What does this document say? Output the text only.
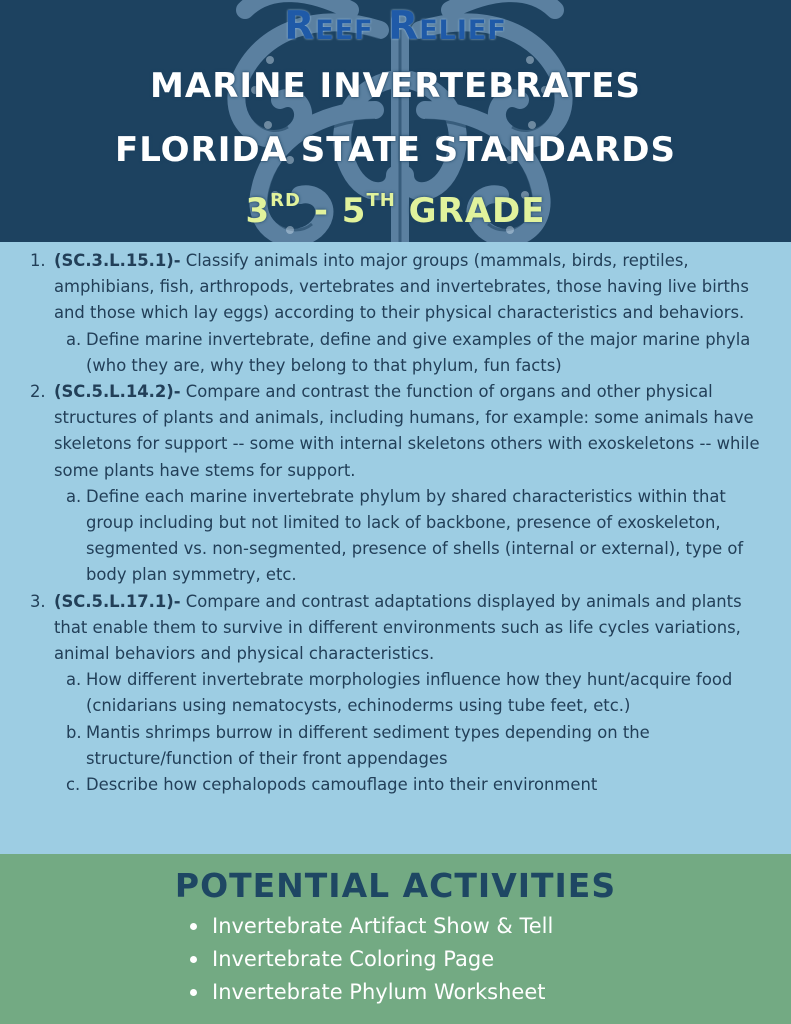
Reef Relief
MARINE INVERTEBRATES
FLORIDA STATE STANDARDS
3RD - 5TH GRADE
1. (SC.3.L.15.1)- Classify animals into major groups (mammals, birds, reptiles, amphibians, fish, arthropods, vertebrates and invertebrates, those having live births and those which lay eggs) according to their physical characteristics and behaviors.
a. Define marine invertebrate, define and give examples of the major marine phyla (who they are, why they belong to that phylum, fun facts)
2. (SC.5.L.14.2)- Compare and contrast the function of organs and other physical structures of plants and animals, including humans, for example: some animals have skeletons for support -- some with internal skeletons others with exoskeletons -- while some plants have stems for support.
a. Define each marine invertebrate phylum by shared characteristics within that group including but not limited to lack of backbone, presence of exoskeleton, segmented vs. non-segmented, presence of shells (internal or external), type of body plan symmetry, etc.
3. (SC.5.L.17.1)- Compare and contrast adaptations displayed by animals and plants that enable them to survive in different environments such as life cycles variations, animal behaviors and physical characteristics.
a. How different invertebrate morphologies influence how they hunt/acquire food (cnidarians using nematocysts, echinoderms using tube feet, etc.)
b. Mantis shrimps burrow in different sediment types depending on the structure/function of their front appendages
c. Describe how cephalopods camouflage into their environment
POTENTIAL ACTIVITIES
Invertebrate Artifact Show & Tell
Invertebrate Coloring Page
Invertebrate Phylum Worksheet
